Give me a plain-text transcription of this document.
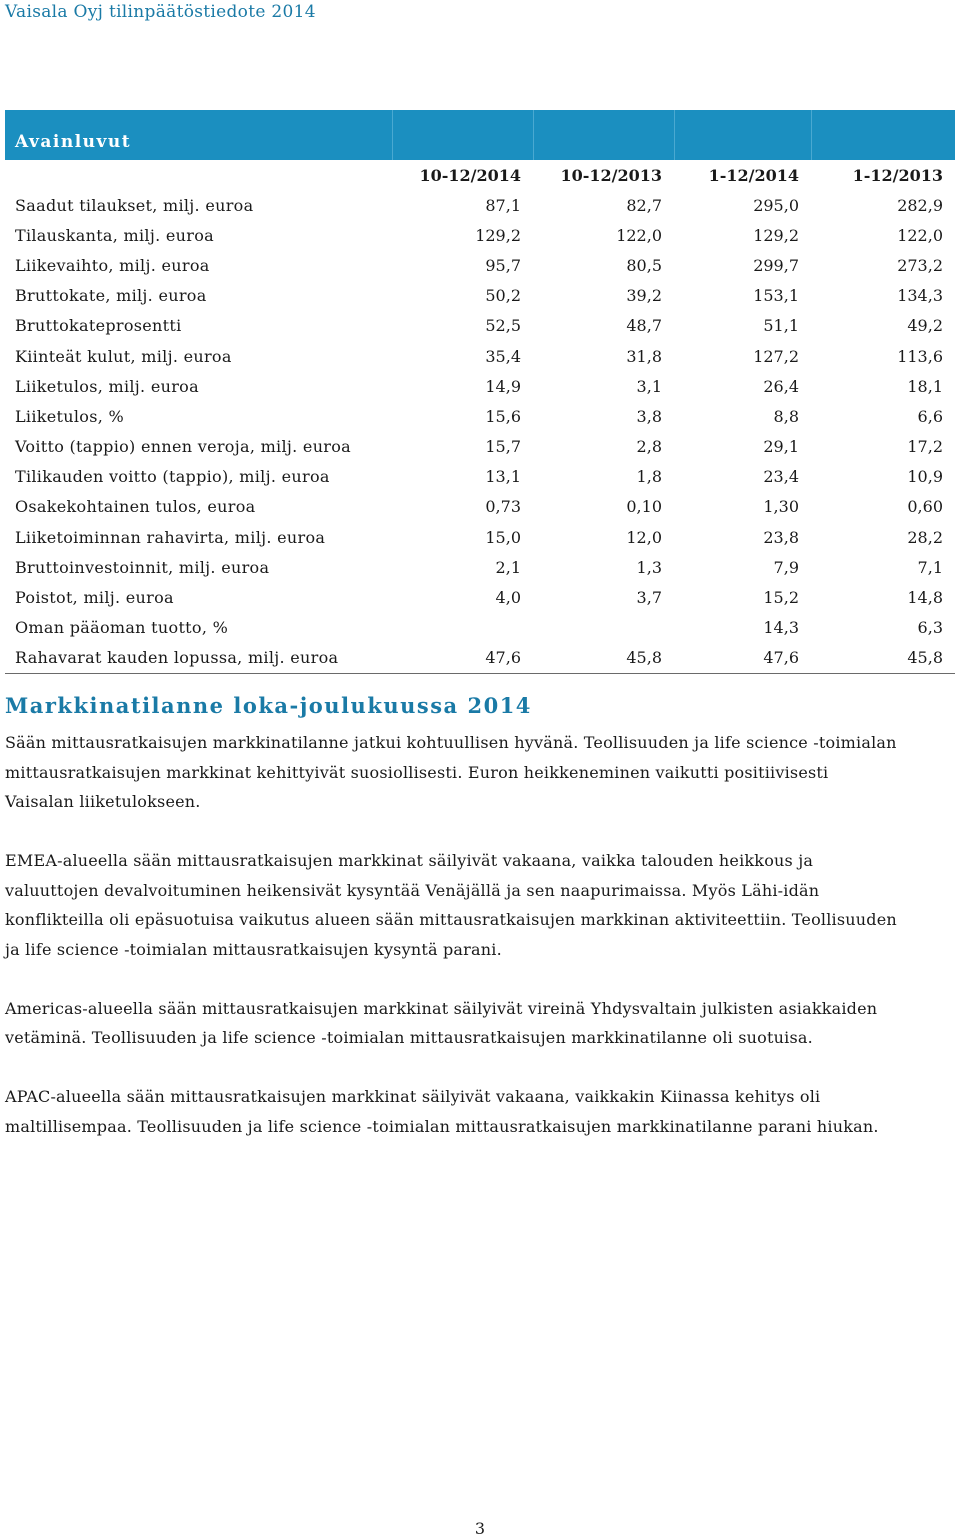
Vaisala Oyj tilinpäätöstiedote 2014
Avainluvut				
	10-12/2014	10-12/2013	1-12/2014	1-12/2013
Saadut tilaukset, milj. euroa	87,1	82,7	295,0	282,9
Tilauskanta, milj. euroa	129,2	122,0	129,2	122,0
Liikevaihto, milj. euroa	95,7	80,5	299,7	273,2
Bruttokate, milj. euroa	50,2	39,2	153,1	134,3
Bruttokateprosentti	52,5	48,7	51,1	49,2
Kiinteät kulut, milj. euroa	35,4	31,8	127,2	113,6
Liiketulos, milj. euroa	14,9	3,1	26,4	18,1
Liiketulos, %	15,6	3,8	8,8	6,6
Voitto (tappio) ennen veroja, milj. euroa	15,7	2,8	29,1	17,2
Tilikauden voitto (tappio), milj. euroa	13,1	1,8	23,4	10,9
Osakekohtainen tulos, euroa	0,73	0,10	1,30	0,60
Liiketoiminnan rahavirta, milj. euroa	15,0	12,0	23,8	28,2
Bruttoinvestoinnit, milj. euroa	2,1	1,3	7,9	7,1
Poistot, milj. euroa	4,0	3,7	15,2	14,8
Oman pääoman tuotto, %			14,3	6,3
Rahavarat kauden lopussa, milj. euroa	47,6	45,8	47,6	45,8
Markkinatilanne loka-joulukuussa 2014
Sään mittausratkaisujen markkinatilanne jatkui kohtuullisen hyvänä. Teollisuuden ja life science -toimialan
mittausratkaisujen markkinat kehittyivät suosiollisesti. Euron heikkeneminen vaikutti positiivisesti
Vaisalan liiketulokseen.
EMEA-alueella sään mittausratkaisujen markkinat säilyivät vakaana, vaikka talouden heikkous ja
valuuttojen devalvoituminen heikensivät kysyntää Venäjällä ja sen naapurimaissa. Myös Lähi-idän
konflikteilla oli epäsuotuisa vaikutus alueen sään mittausratkaisujen markkinan aktiviteettiin. Teollisuuden
ja life science -toimialan mittausratkaisujen kysyntä parani.
Americas-alueella sään mittausratkaisujen markkinat säilyivät vireinä Yhdysvaltain julkisten asiakkaiden
vetäminä. Teollisuuden ja life science -toimialan mittausratkaisujen markkinatilanne oli suotuisa.
APAC-alueella sään mittausratkaisujen markkinat säilyivät vakaana, vaikkakin Kiinassa kehitys oli
maltillisempaa. Teollisuuden ja life science -toimialan mittausratkaisujen markkinatilanne parani hiukan.
3
